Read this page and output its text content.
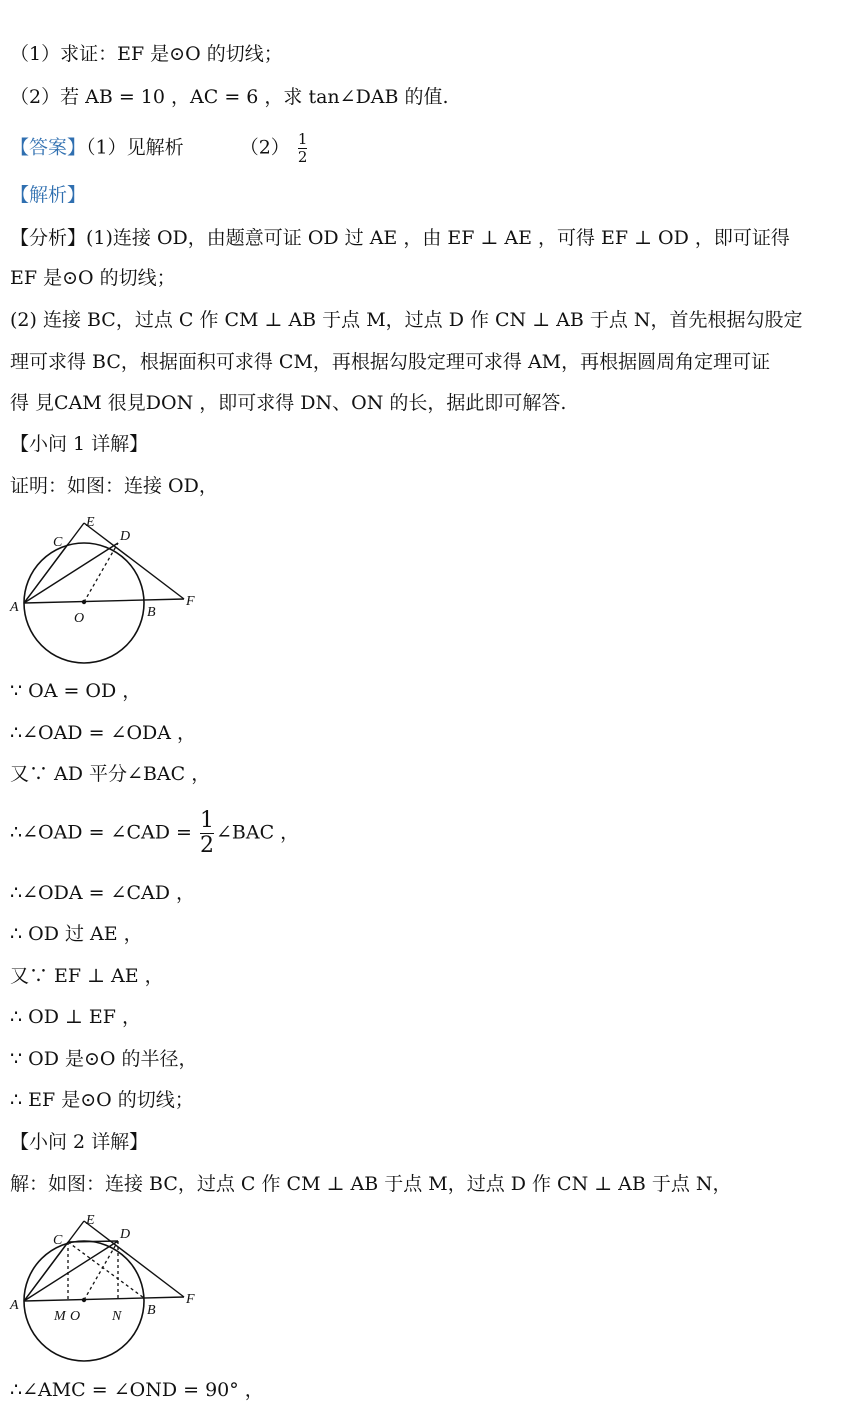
（1）求证：EF 是⊙O 的切线；
（2）若 AB = 10 ，AC = 6 ，求 tan∠DAB 的值.
【答案】（1）见解析	$(2) \frac{1}{2}$
【解析】
【分析】(1)连接 OD，由题意可证 OD 过 AE ，由 EF ⊥ AE ，可得 EF ⊥ OD ，即可证得
EF 是⊙O 的切线；
(2) 连接 BC，过点 C 作 CM ⊥ AB 于点 M，过点 D 作 CN ⊥ AB 于点 N，首先根据勾股定
理可求得 BC，根据面积可求得 CM，再根据勾股定理可求得 AM，再根据圆周角定理可证
得 見CAM 很見DON ，即可求得 DN、ON 的长，据此即可解答.
【小问 1 详解】
证明：如图：连接 OD，
E
C	D
A
O	B
F
∵ OA = OD ，
∴∠OAD = ∠ODA ，
又∵ AD 平分∠BAC ，
∴∠OAD = ∠CAD = $\frac{1}{2}$ ∠BAC ，
∴∠ODA = ∠CAD ，
∴ OD 过 AE ，
又∵ EF ⊥ AE ，
∴ OD ⊥ EF ，
∵ OD 是⊙O 的半径，
∴ EF 是⊙O 的切线；
【小问 2 详解】
解：如图：连接 BC，过点 C 作 CM ⊥ AB 于点 M，过点 D 作 CN ⊥ AB 于点 N，
E
C	D
A
M O N B
F
∴∠AMC = ∠OND = 90° ，
